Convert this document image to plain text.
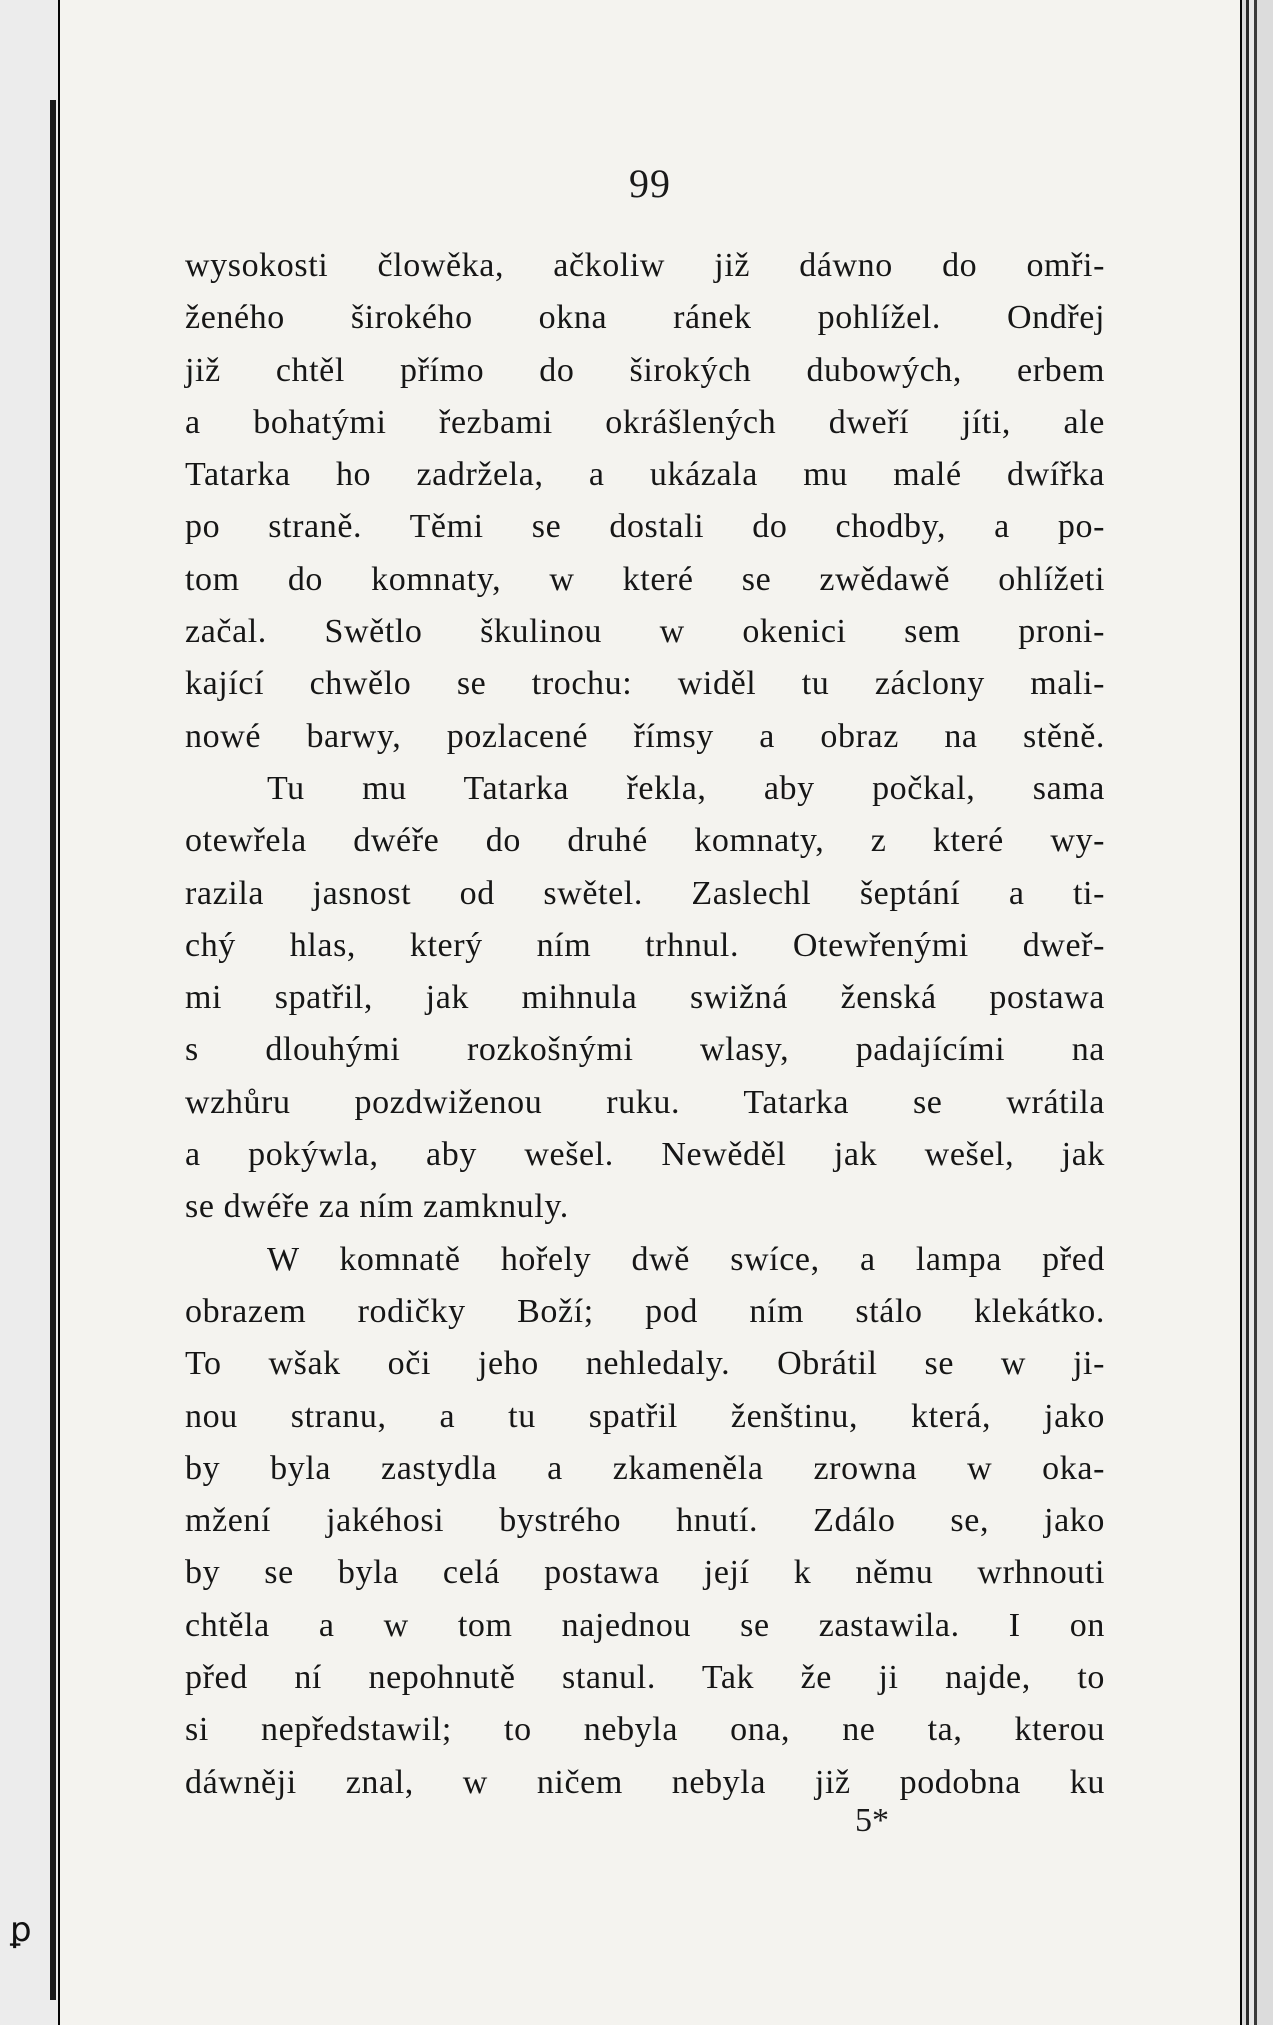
ꝑ
99
wysokosti člowěka, ačkoliw již dáwno do omři-
ženého širokého okna ránek pohlížel. Ondřej
již chtěl přímo do širokých dubowých, erbem
a bohatými řezbami okrášlených dweří jíti, ale
Tatarka ho zadržela, a ukázala mu malé dwířka
po straně. Těmi se dostali do chodby, a po-
tom do komnaty, w které se zwědawě ohlížeti
začal. Swětlo škulinou w okenici sem proni-
kající chwělo se trochu: widěl tu záclony mali-
nowé barwy, pozlacené římsy a obraz na stěně.
Tu mu Tatarka řekla, aby počkal, sama
otewřela dwéře do druhé komnaty, z které wy-
razila jasnost od swětel. Zaslechl šeptání a ti-
chý hlas, který ním trhnul. Otewřenými dweř-
mi spatřil, jak mihnula swižná ženská postawa
s dlouhými rozkošnými wlasy, padajícími na
wzhůru pozdwiženou ruku. Tatarka se wrátila
a pokýwla, aby wešel. Newěděl jak wešel, jak
se dwéře za ním zamknuly.
W komnatě hořely dwě swíce, a lampa před
obrazem rodičky Boží; pod ním stálo klekátko.
To wšak oči jeho nehledaly. Obrátil se w ji-
nou stranu, a tu spatřil ženštinu, která, jako
by byla zastydla a zkameněla zrowna w oka-
mžení jakéhosi bystrého hnutí. Zdálo se, jako
by se byla celá postawa její k němu wrhnouti
chtěla a w tom najednou se zastawila. I on
před ní nepohnutě stanul. Tak že ji najde, to
si nepředstawil; to nebyla ona, ne ta, kterou
dáwněji znal, w ničem nebyla již podobna ku
5*
